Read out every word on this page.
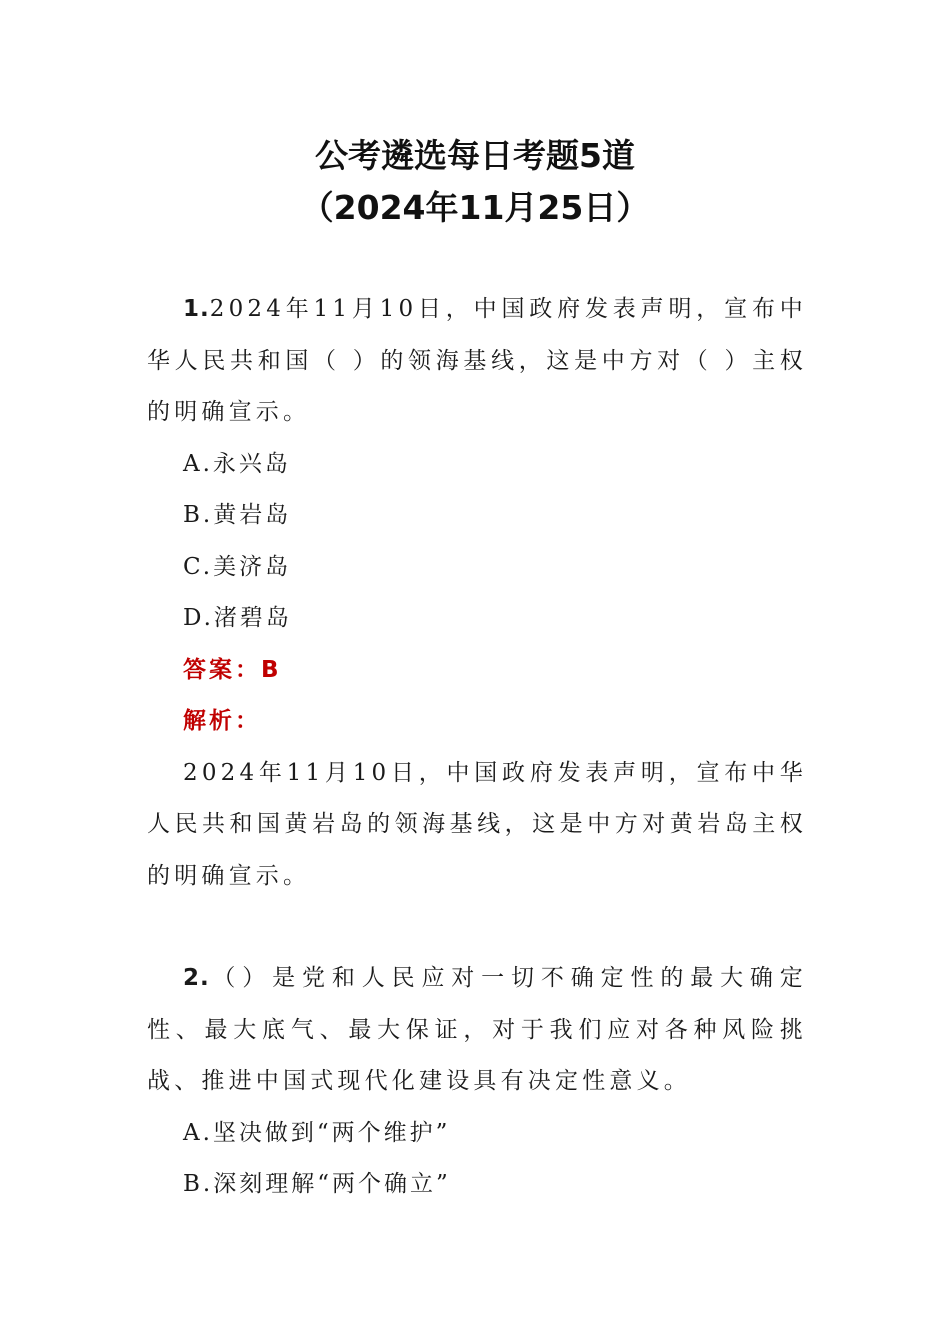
公考遴选每日考题5道
（2024年11月25日）

1.2024年11月10日，中国政府发表声明，宣布中华人民共和国（ ）的领海基线，这是中方对（ ）主权的明确宣示。

A.永兴岛

B.黄岩岛

C.美济岛

D.渚碧岛

答案：B

解析：

2024年11月10日，中国政府发表声明，宣布中华人民共和国黄岩岛的领海基线，这是中方对黄岩岛主权的明确宣示。

2.（）是党和人民应对一切不确定性的最大确定性、最大底气、最大保证，对于我们应对各种风险挑战、推进中国式现代化建设具有决定性意义。

A.坚决做到“两个维护”

B.深刻理解“两个确立”
